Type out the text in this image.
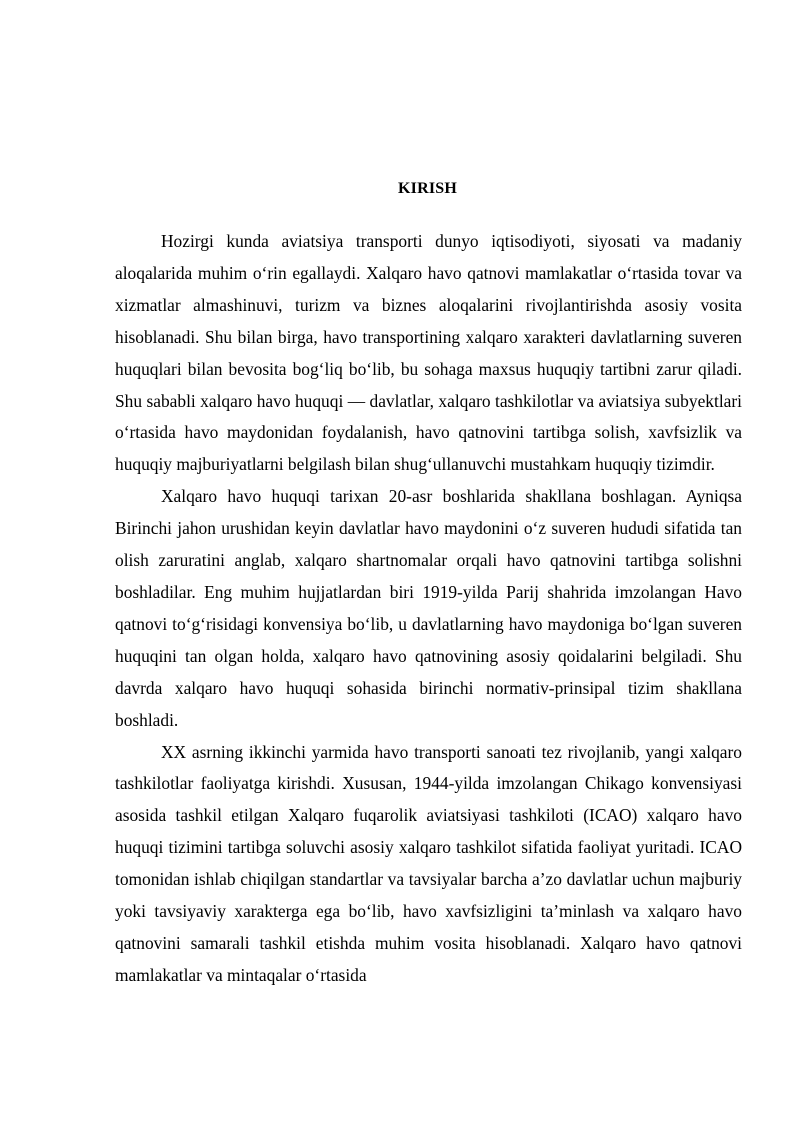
KIRISH

Hozirgi kunda aviatsiya transporti dunyo iqtisodiyoti, siyosati va madaniy aloqalarida muhim o‘rin egallaydi. Xalqaro havo qatnovi mamlakatlar o‘rtasida tovar va xizmatlar almashinuvi, turizm va biznes aloqalarini rivojlantirishda asosiy vosita hisoblanadi. Shu bilan birga, havo transportining xalqaro xarakteri davlatlarning suveren huquqlari bilan bevosita bog‘liq bo‘lib, bu sohaga maxsus huquqiy tartibni zarur qiladi. Shu sababli xalqaro havo huquqi — davlatlar, xalqaro tashkilotlar va aviatsiya subyektlari o‘rtasida havo maydonidan foydalanish, havo qatnovini tartibga solish, xavfsizlik va huquqiy majburiyatlarni belgilash bilan shug‘ullanuvchi mustahkam huquqiy tizimdir.

Xalqaro havo huquqi tarixan 20-asr boshlarida shakllana boshlagan. Ayniqsa Birinchi jahon urushidan keyin davlatlar havo maydonini o‘z suveren hududi sifatida tan olish zaruratini anglab, xalqaro shartnomalar orqali havo qatnovini tartibga solishni boshladilar. Eng muhim hujjatlardan biri 1919-yilda Parij shahrida imzolangan Havo qatnovi to‘g‘risidagi konvensiya bo‘lib, u davlatlarning havo maydoniga bo‘lgan suveren huquqini tan olgan holda, xalqaro havo qatnovining asosiy qoidalarini belgiladi. Shu davrda xalqaro havo huquqi sohasida birinchi normativ-prinsipal tizim shakllana boshladi.

XX asrning ikkinchi yarmida havo transporti sanoati tez rivojlanib, yangi xalqaro tashkilotlar faoliyatga kirishdi. Xususan, 1944-yilda imzolangan Chikago konvensiyasi asosida tashkil etilgan Xalqaro fuqarolik aviatsiyasi tashkiloti (ICAO) xalqaro havo huquqi tizimini tartibga soluvchi asosiy xalqaro tashkilot sifatida faoliyat yuritadi. ICAO tomonidan ishlab chiqilgan standartlar va tavsiyalar barcha a’zo davlatlar uchun majburiy yoki tavsiyaviy xarakterga ega bo‘lib, havo xavfsizligini ta’minlash va xalqaro havo qatnovini samarali tashkil etishda muhim vosita hisoblanadi. Xalqaro havo qatnovi mamlakatlar va mintaqalar o‘rtasida
